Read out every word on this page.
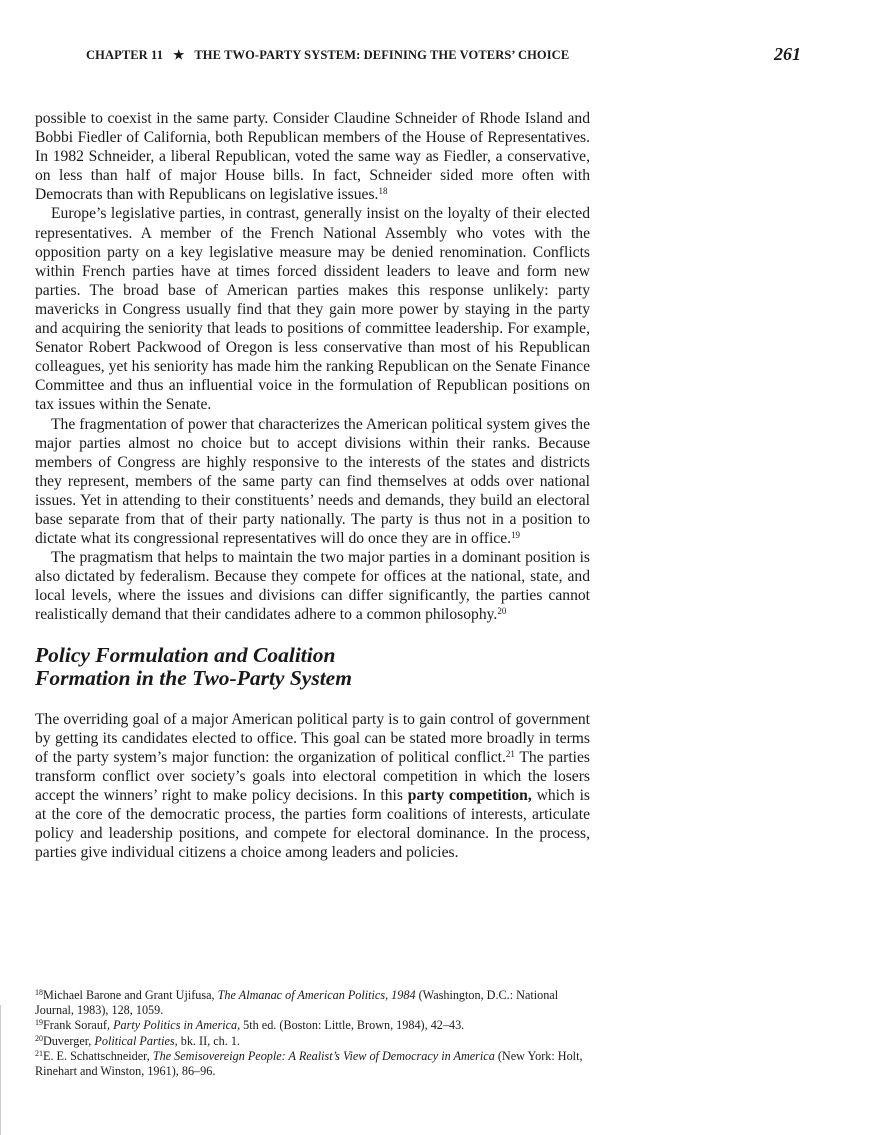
CHAPTER 11 ★ THE TWO-PARTY SYSTEM: DEFINING THE VOTERS’ CHOICE	261

possible to coexist in the same party. Consider Claudine Schneider of Rhode Island and Bobbi Fiedler of California, both Republican members of the House of Representatives. In 1982 Schneider, a liberal Republican, voted the same way as Fiedler, a conservative, on less than half of major House bills. In fact, Schneider sided more often with Democrats than with Republicans on legislative issues.$^{18}$

Europe’s legislative parties, in contrast, generally insist on the loyalty of their elected representatives. A member of the French National Assembly who votes with the opposition party on a key legislative measure may be denied renomination. Conflicts within French parties have at times forced dissident leaders to leave and form new parties. The broad base of American parties makes this response unlikely: party mavericks in Congress usually find that they gain more power by staying in the party and acquiring the seniority that leads to positions of committee leadership. For example, Senator Robert Packwood of Oregon is less conservative than most of his Republican colleagues, yet his seniority has made him the ranking Republican on the Senate Finance Committee and thus an influential voice in the formulation of Republican positions on tax issues within the Senate.

The fragmentation of power that characterizes the American political system gives the major parties almost no choice but to accept divisions within their ranks. Because members of Congress are highly responsive to the interests of the states and districts they represent, members of the same party can find themselves at odds over national issues. Yet in attending to their constituents’ needs and demands, they build an electoral base separate from that of their party nationally. The party is thus not in a position to dictate what its congressional representatives will do once they are in office.$^{19}$

The pragmatism that helps to maintain the two major parties in a dominant position is also dictated by federalism. Because they compete for offices at the national, state, and local levels, where the issues and divisions can differ significantly, the parties cannot realistically demand that their candidates adhere to a common philosophy.$^{20}$

Policy Formulation and Coalition
Formation in the Two-Party System

The overriding goal of a major American political party is to gain control of government by getting its candidates elected to office. This goal can be stated more broadly in terms of the party system’s major function: the organization of political conflict.$^{21}$ The parties transform conflict over society’s goals into electoral competition in which the losers accept the winners’ right to make policy decisions. In this party competition, which is at the core of the democratic process, the parties form coalitions of interests, articulate policy and leadership positions, and compete for electoral dominance. In the process, parties give individual citizens a choice among leaders and policies.

$^{18}$Michael Barone and Grant Ujifusa, The Almanac of American Politics, 1984 (Washington, D.C.: National Journal, 1983), 128, 1059.

$^{19}$Frank Sorauf, Party Politics in America, 5th ed. (Boston: Little, Brown, 1984), 42–43.

$^{20}$Duverger, Political Parties, bk. II, ch. 1.

$^{21}$E. E. Schattschneider, The Semisovereign People: A Realist’s View of Democracy in America (New York: Holt, Rinehart and Winston, 1961), 86–96.
